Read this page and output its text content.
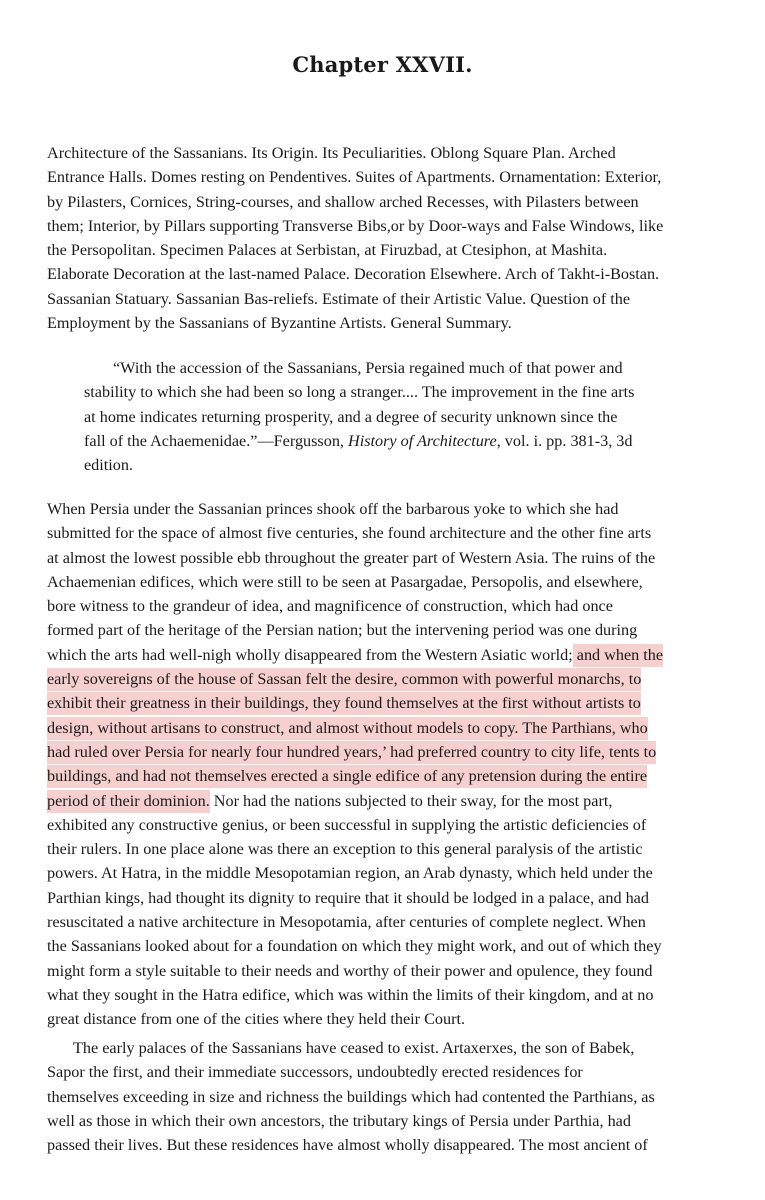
Chapter XXVII.

Architecture of the Sassanians. Its Origin. Its Peculiarities. Oblong Square Plan. Arched
Entrance Halls. Domes resting on Pendentives. Suites of Apartments. Ornamentation: Exterior,
by Pilasters, Cornices, String-courses, and shallow arched Recesses, with Pilasters between
them; Interior, by Pillars supporting Transverse Bibs,or by Door-ways and False Windows, like
the Persopolitan. Specimen Palaces at Serbistan, at Firuzbad, at Ctesiphon, at Mashita.
Elaborate Decoration at the last-named Palace. Decoration Elsewhere. Arch of Takht-i-Bostan.
Sassanian Statuary. Sassanian Bas-reliefs. Estimate of their Artistic Value. Question of the
Employment by the Sassanians of Byzantine Artists. General Summary.

“With the accession of the Sassanians, Persia regained much of that power and
stability to which she had been so long a stranger.... The improvement in the fine arts
at home indicates returning prosperity, and a degree of security unknown since the
fall of the Achaemenidae.”—Fergusson, History of Architecture, vol. i. pp. 381-3, 3d
edition.

When Persia under the Sassanian princes shook off the barbarous yoke to which she had
submitted for the space of almost five centuries, she found architecture and the other fine arts
at almost the lowest possible ebb throughout the greater part of Western Asia. The ruins of the
Achaemenian edifices, which were still to be seen at Pasargadae, Persopolis, and elsewhere,
bore witness to the grandeur of idea, and magnificence of construction, which had once
formed part of the heritage of the Persian nation; but the intervening period was one during
which the arts had well-nigh wholly disappeared from the Western Asiatic world; and when the
early sovereigns of the house of Sassan felt the desire, common with powerful monarchs, to
exhibit their greatness in their buildings, they found themselves at the first without artists to
design, without artisans to construct, and almost without models to copy. The Parthians, who
had ruled over Persia for nearly four hundred years,’ had preferred country to city life, tents to
buildings, and had not themselves erected a single edifice of any pretension during the entire
period of their dominion. Nor had the nations subjected to their sway, for the most part,
exhibited any constructive genius, or been successful in supplying the artistic deficiencies of
their rulers. In one place alone was there an exception to this general paralysis of the artistic
powers. At Hatra, in the middle Mesopotamian region, an Arab dynasty, which held under the
Parthian kings, had thought its dignity to require that it should be lodged in a palace, and had
resuscitated a native architecture in Mesopotamia, after centuries of complete neglect. When
the Sassanians looked about for a foundation on which they might work, and out of which they
might form a style suitable to their needs and worthy of their power and opulence, they found
what they sought in the Hatra edifice, which was within the limits of their kingdom, and at no
great distance from one of the cities where they held their Court.

The early palaces of the Sassanians have ceased to exist. Artaxerxes, the son of Babek,
Sapor the first, and their immediate successors, undoubtedly erected residences for
themselves exceeding in size and richness the buildings which had contented the Parthians, as
well as those in which their own ancestors, the tributary kings of Persia under Parthia, had
passed their lives. But these residences have almost wholly disappeared. The most ancient of
